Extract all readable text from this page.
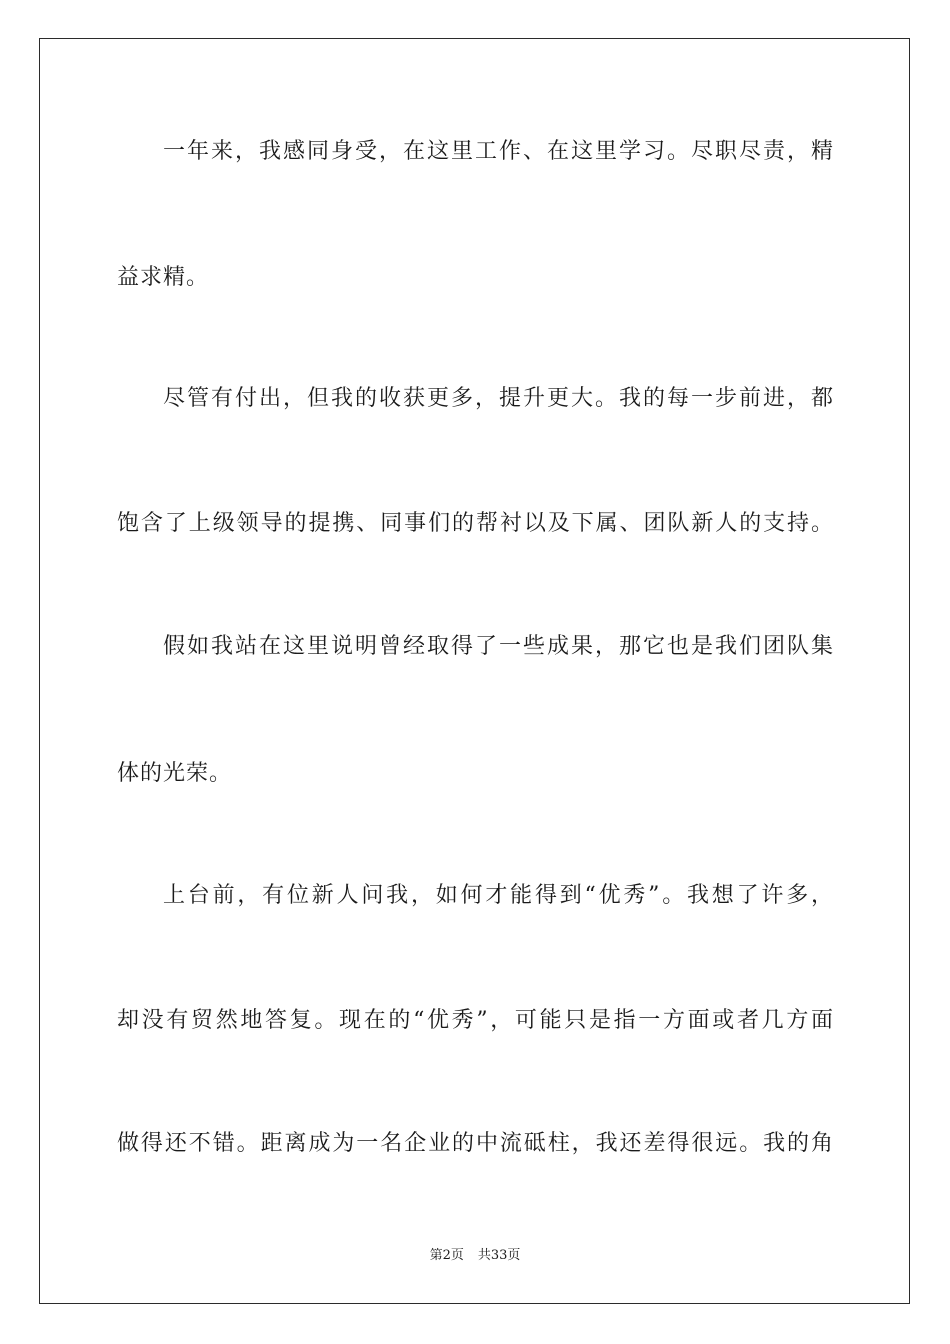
一年来，我感同身受，在这里工作、在这里学习。尽职尽责，精
益求精。
尽管有付出，但我的收获更多，提升更大。我的每一步前进，都
饱含了上级领导的提携、同事们的帮衬以及下属、团队新人的支持。
假如我站在这里说明曾经取得了一些成果，那它也是我们团队集
体的光荣。
上台前，有位新人问我，如何才能得到“优秀”。我想了许多，
却没有贸然地答复。现在的“优秀”，可能只是指一方面或者几方面
做得还不错。距离成为一名企业的中流砥柱，我还差得很远。我的角
第2页 共33页
